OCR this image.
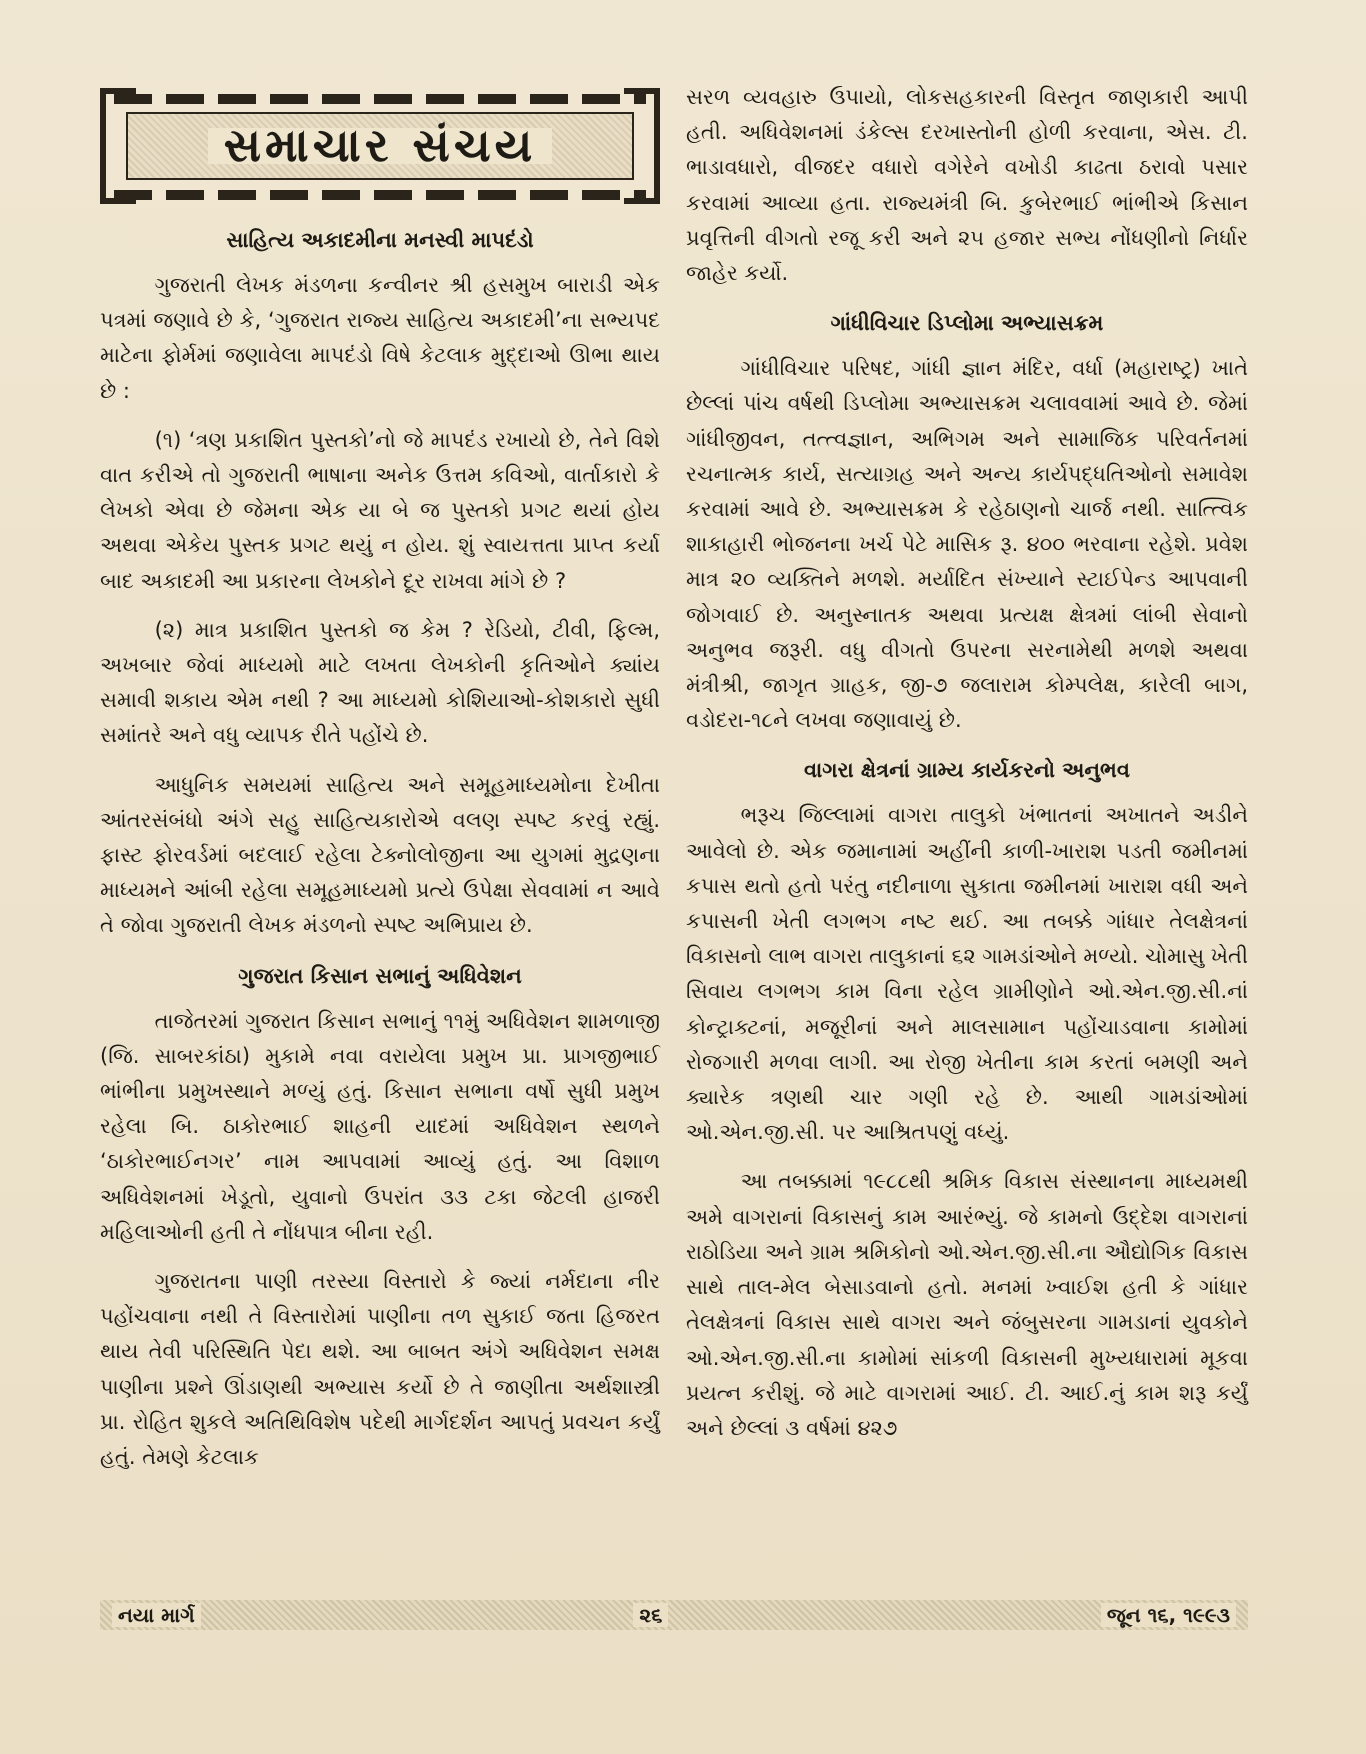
સમાચાર સંચય
સાહિત્ય અકાદમીના મનસ્વી માપદંડો

ગુજરાતી લેખક મંડળના કન્વીનર શ્રી હસમુખ બારાડી એક પત્રમાં જણાવે છે કે, ‘ગુજરાત રાજ્ય સાહિત્ય અકાદમી’ના સભ્યપદ માટેના ફોર્મમાં જણાવેલા માપદંડો વિષે કેટલાક મુદ્દાઓ ઊભા થાય છે :

(૧) ‘ત્રણ પ્રકાશિત પુસ્તકો’નો જે માપદંડ રખાયો છે, તેને વિશે વાત કરીએ તો ગુજરાતી ભાષાના અનેક ઉત્તમ કવિઓ, વાર્તાકારો કે લેખકો એવા છે જેમના એક યા બે જ પુસ્તકો પ્રગટ થયાં હોય અથવા એકેય પુસ્તક પ્રગટ થયું ન હોય. શું સ્વાયત્તતા પ્રાપ્ત કર્યા બાદ અકાદમી આ પ્રકારના લેખકોને દૂર રાખવા માંગે છે ?

(૨) માત્ર પ્રકાશિત પુસ્તકો જ કેમ ? રેડિયો, ટીવી, ફિલ્મ, અખબાર જેવાં માધ્યમો માટે લખતા લેખકોની કૃતિઓને ક્યાંય સમાવી શકાય એમ નથી ? આ માધ્યમો કોશિયાઓ-કોશકારો સુધી સમાંતરે અને વધુ વ્યાપક રીતે પહોંચે છે.

આધુનિક સમયમાં સાહિત્ય અને સમૂહમાધ્યમોના દેખીતા આંતરસંબંધો અંગે સહુ સાહિત્યકારોએ વલણ સ્પષ્ટ કરવું રહ્યું. ફાસ્ટ ફોરવર્ડમાં બદલાઈ રહેલા ટેક્નોલોજીના આ યુગમાં મુદ્રણના માધ્યમને આંબી રહેલા સમૂહમાધ્યમો પ્રત્યે ઉપેક્ષા સેવવામાં ન આવે તે જોવા ગુજરાતી લેખક મંડળનો સ્પષ્ટ અભિપ્રાય છે.

ગુજરાત કિસાન સભાનું અધિવેશન

તાજેતરમાં ગુજરાત કિસાન સભાનું ૧૧મું અધિવેશન શામળાજી (જિ. સાબરકાંઠા) મુકામે નવા વરાયેલા પ્રમુખ પ્રા. પ્રાગજીભાઈ ભાંભીના પ્રમુખસ્થાને મળ્યું હતું. કિસાન સભાના વર્ષો સુધી પ્રમુખ રહેલા બિ. ઠાકોરભાઈ શાહની યાદમાં અધિવેશન સ્થળને ‘ઠાકોરભાઈનગર’ નામ આપવામાં આવ્યું હતું. આ વિશાળ અધિવેશનમાં ખેડૂતો, યુવાનો ઉપરાંત ૩૩ ટકા જેટલી હાજરી મહિલાઓની હતી તે નોંધપાત્ર બીના રહી.

ગુજરાતના પાણી તરસ્યા વિસ્તારો કે જ્યાં નર્મદાના નીર પહોંચવાના નથી તે વિસ્તારોમાં પાણીના તળ સુકાઈ જતા હિજરત થાય તેવી પરિસ્થિતિ પેદા થશે. આ બાબત અંગે અધિવેશન સમક્ષ પાણીના પ્રશ્ને ઊંડાણથી અભ્યાસ કર્યો છે તે જાણીતા અર્થશાસ્ત્રી પ્રા. રોહિત શુકલે અતિથિવિશેષ પદેથી માર્ગદર્શન આપતું પ્રવચન કર્યું હતું. તેમણે કેટલાક

સરળ વ્યવહારુ ઉપાયો, લોકસહકારની વિસ્તૃત જાણકારી આપી હતી. અધિવેશનમાં ડંકેલ્સ દરખાસ્તોની હોળી કરવાના, એસ. ટી. ભાડાવધારો, વીજદર વધારો વગેરેને વખોડી કાઢતા ઠરાવો પસાર કરવામાં આવ્યા હતા. રાજ્યમંત્રી બિ. કુબેરભાઈ ભાંભીએ કિસાન પ્રવૃત્તિની વીગતો રજૂ કરી અને ૨૫ હજાર સભ્ય નોંધણીનો નિર્ધાર જાહેર કર્યો.

ગાંધીવિચાર ડિપ્લોમા અભ્યાસક્રમ

ગાંધીવિચાર પરિષદ, ગાંધી જ્ઞાન મંદિર, વર્ધા (મહારાષ્ટ્ર) ખાતે છેલ્લાં પાંચ વર્ષથી ડિપ્લોમા અભ્યાસક્રમ ચલાવવામાં આવે છે. જેમાં ગાંધીજીવન, તત્ત્વજ્ઞાન, અભિગમ અને સામાજિક પરિવર્તનમાં રચનાત્મક કાર્ય, સત્યાગ્રહ અને અન્ય કાર્યપદ્ધતિઓનો સમાવેશ કરવામાં આવે છે. અભ્યાસક્રમ કે રહેઠાણનો ચાર્જ નથી. સાત્ત્વિક શાકાહારી ભોજનના ખર્ચ પેટે માસિક રૂ. ૪૦૦ ભરવાના રહેશે. પ્રવેશ માત્ર ૨૦ વ્યક્તિને મળશે. મર્યાદિત સંખ્યાને સ્ટાઈપેન્ડ આપવાની જોગવાઈ છે. અનુસ્નાતક અથવા પ્રત્યક્ષ ક્ષેત્રમાં લાંબી સેવાનો અનુભવ જરૂરી. વધુ વીગતો ઉપરના સરનામેથી મળશે અથવા મંત્રીશ્રી, જાગૃત ગ્રાહક, જી-૭ જલારામ કોમ્પલેક્ષ, કારેલી બાગ, વડોદરા-૧૮ને લખવા જણાવાયું છે.

વાગરા ક્ષેત્રનાં ગ્રામ્ય કાર્યકરનો અનુભવ

ભરૂચ જિલ્લામાં વાગરા તાલુકો ખંભાતનાં અખાતને અડીને આવેલો છે. એક જમાનામાં અહીંની કાળી-ખારાશ પડતી જમીનમાં કપાસ થતો હતો પરંતુ નદીનાળા સુકાતા જમીનમાં ખારાશ વધી અને કપાસની ખેતી લગભગ નષ્ટ થઈ. આ તબક્કે ગાંધાર તેલક્ષેત્રનાં વિકાસનો લાભ વાગરા તાલુકાનાં ૬૨ ગામડાંઓને મળ્યો. ચોમાસુ ખેતી સિવાય લગભગ કામ વિના રહેલ ગ્રામીણોને ઓ.એન.જી.સી.નાં કોન્ટ્રાક્ટનાં, મજૂરીનાં અને માલસામાન પહોંચાડવાના કામોમાં રોજગારી મળવા લાગી. આ રોજી ખેતીના કામ કરતાં બમણી અને ક્યારેક ત્રણથી ચાર ગણી રહે છે. આથી ગામડાંઓમાં ઓ.એન.જી.સી. પર આશ્રિતપણું વધ્યું.

આ તબક્કામાં ૧૯૮૮થી શ્રમિક વિકાસ સંસ્થાનના માધ્યમથી અમે વાગરાનાં વિકાસનું કામ આરંભ્યું. જે કામનો ઉદ્દેશ વાગરાનાં રાઠોડિયા અને ગ્રામ શ્રમિકોનો ઓ.એન.જી.સી.ના ઔદ્યોગિક વિકાસ સાથે તાલ-મેલ બેસાડવાનો હતો. મનમાં ખ્વાઈશ હતી કે ગાંધાર તેલક્ષેત્રનાં વિકાસ સાથે વાગરા અને જંબુસરના ગામડાનાં યુવકોને ઓ.એન.જી.સી.ના કામોમાં સાંકળી વિકાસની મુખ્યધારામાં મૂકવા પ્રયત્ન કરીશું. જે માટે વાગરામાં આઈ. ટી. આઈ.નું કામ શરૂ કર્યું અને છેલ્લાં ૩ વર્ષમાં ૪૨૭

નયા માર્ગ	૨૬	જૂન ૧૬, ૧૯૯૩
